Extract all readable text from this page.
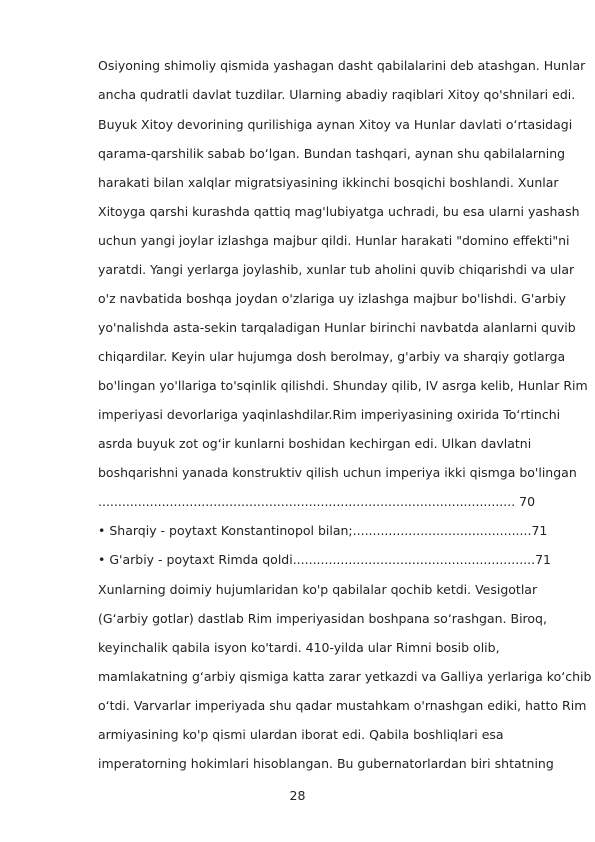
Osiyoning shimoliy qismida yashagan dasht qabilalarini deb atashgan. Hunlar
ancha qudratli davlat tuzdilar. Ularning abadiy raqiblari Xitoy qo'shnilari edi.
Buyuk Xitoy devorining qurilishiga aynan Xitoy va Hunlar davlati o‘rtasidagi
qarama-qarshilik sabab bo‘lgan. Bundan tashqari, aynan shu qabilalarning
harakati bilan xalqlar migratsiyasining ikkinchi bosqichi boshlandi. Xunlar
Xitoyga qarshi kurashda qattiq mag'lubiyatga uchradi, bu esa ularni yashash
uchun yangi joylar izlashga majbur qildi. Hunlar harakati "domino effekti"ni
yaratdi. Yangi yerlarga joylashib, xunlar tub aholini quvib chiqarishdi va ular
o'z navbatida boshqa joydan o'zlariga uy izlashga majbur bo'lishdi. G'arbiy
yo'nalishda asta-sekin tarqaladigan Hunlar birinchi navbatda alanlarni quvib
chiqardilar. Keyin ular hujumga dosh berolmay, g'arbiy va sharqiy gotlarga
bo'lingan yo'llariga to'sqinlik qilishdi. Shunday qilib, IV asrga kelib, Hunlar Rim
imperiyasi devorlariga yaqinlashdilar.Rim imperiyasining oxirida To‘rtinchi
asrda buyuk zot og‘ir kunlarni boshidan kechirgan edi. Ulkan davlatni
boshqarishni yanada konstruktiv qilish uchun imperiya ikki qismga bo'lingan
......................................................................................................... 70
• Sharqiy - poytaxt Konstantinopol bilan;.............................................71
• G'arbiy - poytaxt Rimda qoldi.............................................................71
Xunlarning doimiy hujumlaridan ko'p qabilalar qochib ketdi. Vesigotlar
(G‘arbiy gotlar) dastlab Rim imperiyasidan boshpana so‘rashgan. Biroq,
keyinchalik qabila isyon ko'tardi. 410-yilda ular Rimni bosib olib,
mamlakatning g‘arbiy qismiga katta zarar yetkazdi va Galliya yerlariga ko‘chib
o‘tdi. Varvarlar imperiyada shu qadar mustahkam o'rnashgan ediki, hatto Rim
armiyasining ko'p qismi ulardan iborat edi. Qabila boshliqlari esa
imperatorning hokimlari hisoblangan. Bu gubernatorlardan biri shtatning
28
